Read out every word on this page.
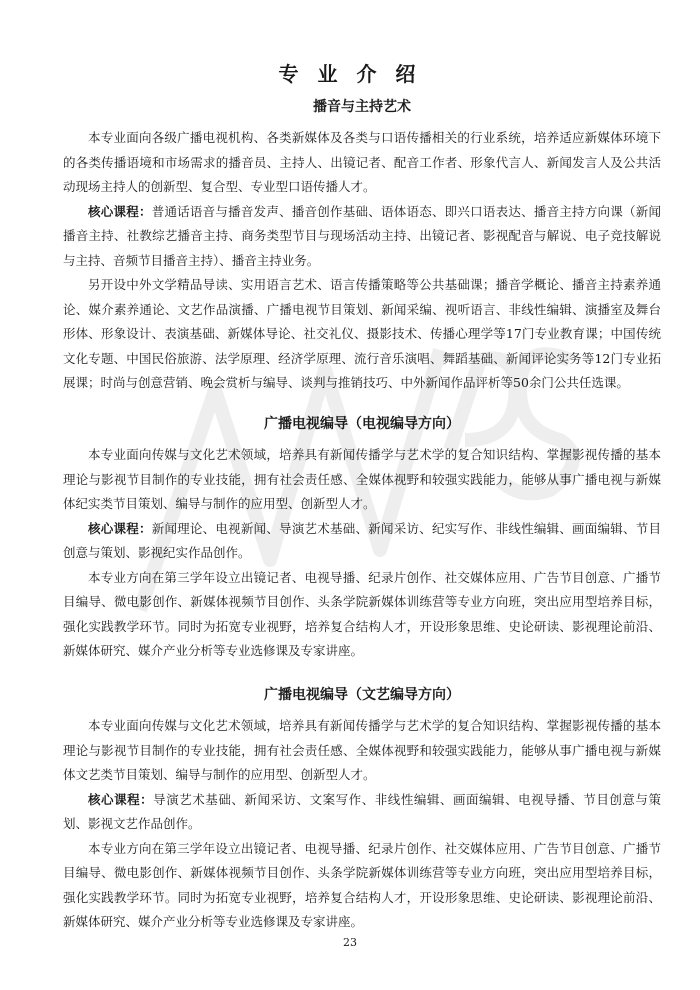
专 业 介 绍
播音与主持艺术

本专业面向各级广播电视机构、各类新媒体及各类与口语传播相关的行业系统，培养适应新媒体环境下的各类传播语境和市场需求的播音员、主持人、出镜记者、配音工作者、形象代言人、新闻发言人及公共活动现场主持人的创新型、复合型、专业型口语传播人才。

核心课程：普通话语音与播音发声、播音创作基础、语体语态、即兴口语表达、播音主持方向课（新闻播音主持、社教综艺播音主持、商务类型节目与现场活动主持、出镜记者、影视配音与解说、电子竞技解说与主持、音频节目播音主持）、播音主持业务。

另开设中外文学精品导读、实用语言艺术、语言传播策略等公共基础课；播音学概论、播音主持素养通论、媒介素养通论、文艺作品演播、广播电视节目策划、新闻采编、视听语言、非线性编辑、演播室及舞台形体、形象设计、表演基础、新媒体导论、社交礼仪、摄影技术、传播心理学等17门专业教育课；中国传统文化专题、中国民俗旅游、法学原理、经济学原理、流行音乐演唱、舞蹈基础、新闻评论实务等12门专业拓展课；时尚与创意营销、晚会赏析与编导、谈判与推销技巧、中外新闻作品评析等50余门公共任选课。

广播电视编导（电视编导方向）

本专业面向传媒与文化艺术领域，培养具有新闻传播学与艺术学的复合知识结构、掌握影视传播的基本理论与影视节目制作的专业技能，拥有社会责任感、全媒体视野和较强实践能力，能够从事广播电视与新媒体纪实类节目策划、编导与制作的应用型、创新型人才。

核心课程：新闻理论、电视新闻、导演艺术基础、新闻采访、纪实写作、非线性编辑、画面编辑、节目创意与策划、影视纪实作品创作。

本专业方向在第三学年设立出镜记者、电视导播、纪录片创作、社交媒体应用、广告节目创意、广播节目编导、微电影创作、新媒体视频节目创作、头条学院新媒体训练营等专业方向班，突出应用型培养目标，强化实践教学环节。同时为拓宽专业视野，培养复合结构人才，开设形象思维、史论研读、影视理论前沿、新媒体研究、媒介产业分析等专业选修课及专家讲座。

广播电视编导（文艺编导方向）

本专业面向传媒与文化艺术领域，培养具有新闻传播学与艺术学的复合知识结构、掌握影视传播的基本理论与影视节目制作的专业技能，拥有社会责任感、全媒体视野和较强实践能力，能够从事广播电视与新媒体文艺类节目策划、编导与制作的应用型、创新型人才。

核心课程：导演艺术基础、新闻采访、文案写作、非线性编辑、画面编辑、电视导播、节目创意与策划、影视文艺作品创作。

本专业方向在第三学年设立出镜记者、电视导播、纪录片创作、社交媒体应用、广告节目创意、广播节目编导、微电影创作、新媒体视频节目创作、头条学院新媒体训练营等专业方向班，突出应用型培养目标，强化实践教学环节。同时为拓宽专业视野，培养复合结构人才，开设形象思维、史论研读、影视理论前沿、新媒体研究、媒介产业分析等专业选修课及专家讲座。

23
